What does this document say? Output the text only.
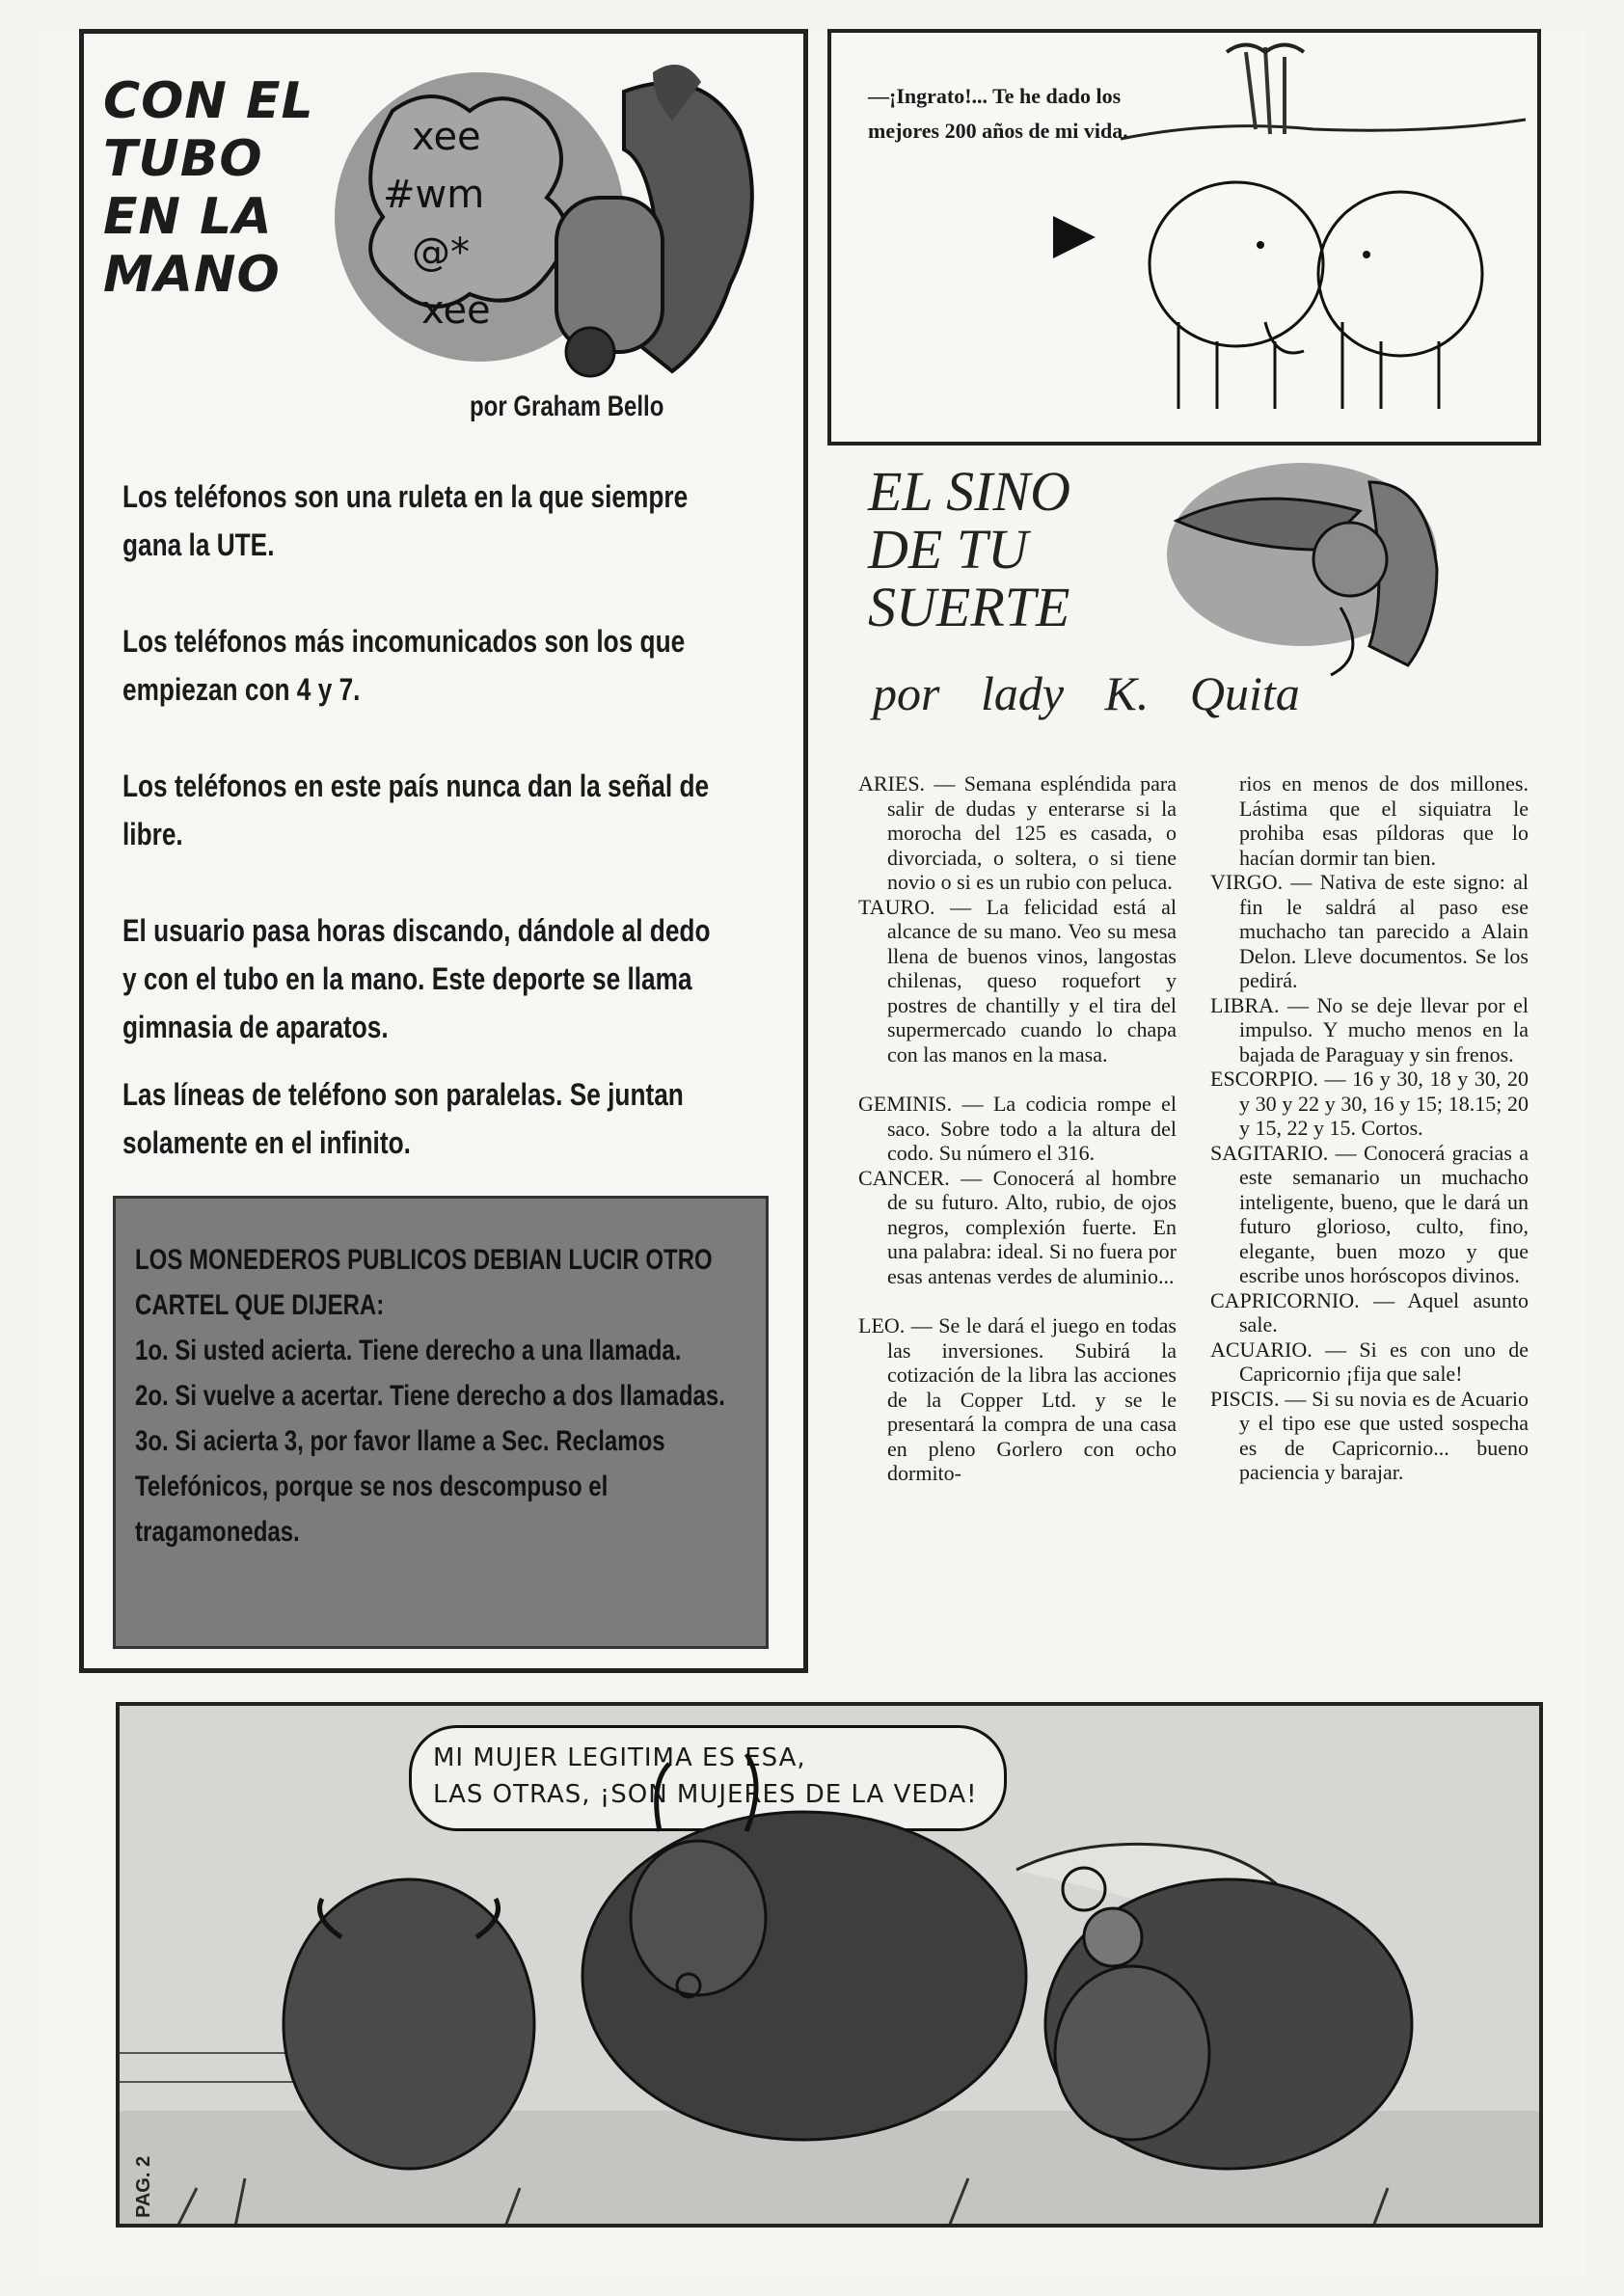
CON EL
TUBO
EN LA
MANO
xee
#wm
@*
xee
por Graham Bello
Los teléfonos son una ruleta en la que siempre gana la UTE.
Los teléfonos más incomunicados son los que empiezan con 4 y 7.
Los teléfonos en este país nunca dan la señal de libre.
El usuario pasa horas discando, dándole al dedo y con el tubo en la mano. Este deporte se llama gimnasia de aparatos.
Las líneas de teléfono son paralelas. Se juntan solamente en el infinito.
LOS MONEDEROS PUBLICOS DEBIAN LUCIR OTRO CARTEL QUE DIJERA:
1o. Si usted acierta. Tiene derecho a una llamada.
2o. Si vuelve a acertar. Tiene derecho a dos llamadas.
3o. Si acierta 3, por favor llame a Sec. Reclamos Telefónicos, porque se nos descompuso el tragamonedas.
—¡Ingrato!... Te he dado los mejores 200 años de mi vida.
EL SINO
DE TU
SUERTE
por lady K. Quita

ARIES. — Semana espléndida para salir de dudas y enterarse si la morocha del 125 es casada, o divorciada, o soltera, o si tiene novio o si es un rubio con peluca.

TAURO. — La felicidad está al alcance de su mano. Veo su mesa llena de buenos vinos, langostas chilenas, queso roquefort y postres de chantilly y el tira del supermercado cuando lo chapa con las manos en la masa.

GEMINIS. — La codicia rompe el saco. Sobre todo a la altura del codo. Su número el 316.

CANCER. — Conocerá al hombre de su futuro. Alto, rubio, de ojos negros, complexión fuerte. En una palabra: ideal. Si no fuera por esas antenas verdes de aluminio...

LEO. — Se le dará el juego en todas las inversiones. Subirá la cotización de la libra las acciones de la Copper Ltd. y se le presentará la compra de una casa en pleno Gorlero con ocho dormito-

rios en menos de dos millones. Lástima que el siquiatra le prohiba esas píldoras que lo hacían dormir tan bien.

VIRGO. — Nativa de este signo: al fin le saldrá al paso ese muchacho tan parecido a Alain Delon. Lleve documentos. Se los pedirá.

LIBRA. — No se deje llevar por el impulso. Y mucho menos en la bajada de Paraguay y sin frenos.

ESCORPIO. — 16 y 30, 18 y 30, 20 y 30 y 22 y 30, 16 y 15; 18.15; 20 y 15, 22 y 15. Cortos.

SAGITARIO. — Conocerá gracias a este semanario un muchacho inteligente, bueno, que le dará un futuro glorioso, culto, fino, elegante, buen mozo y que escribe unos horóscopos divinos.

CAPRICORNIO. — Aquel asunto sale.

ACUARIO. — Si es con uno de Capricornio ¡fija que sale!

PISCIS. — Si su novia es de Acuario y el tipo ese que usted sospecha es de Capricornio... bueno paciencia y barajar.

MI MUJER LEGITIMA ES ESA,
LAS OTRAS, ¡SON MUJERES DE LA VEDA!
PAG. 2
